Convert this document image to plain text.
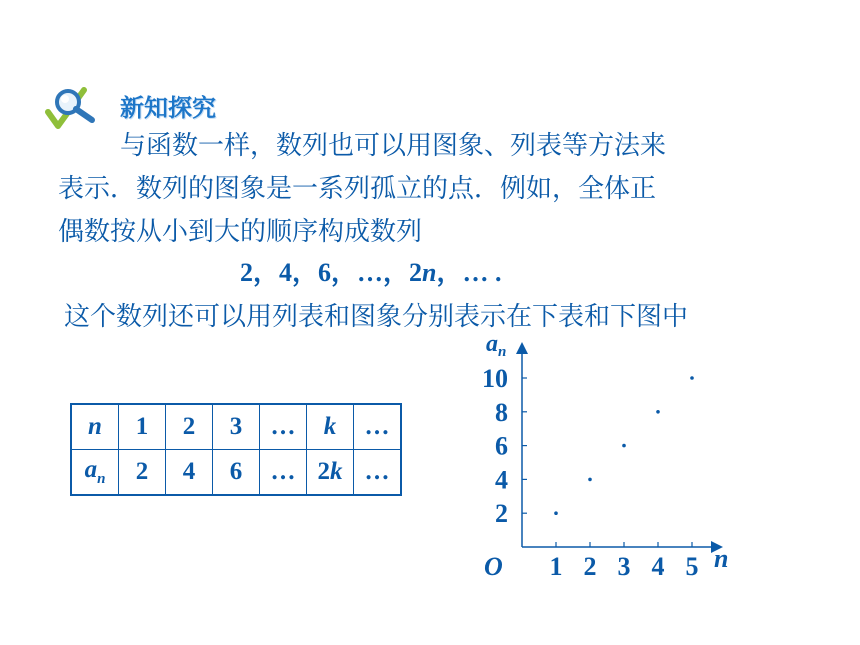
新知探究
与函数一样，数列也可以用图象、列表等方法来
表示．数列的图象是一系列孤立的点．例如，全体正
偶数按从小到大的顺序构成数列
2，4，6，…，2n，… .
这个数列还可以用列表和图象分别表示在下表和下图中
n	1	2	3	…	k	…
$a_n$	2	4	6	…	2k	…
$a_n$
n
O 1 2 3 4 5
2
4
6
8
10
